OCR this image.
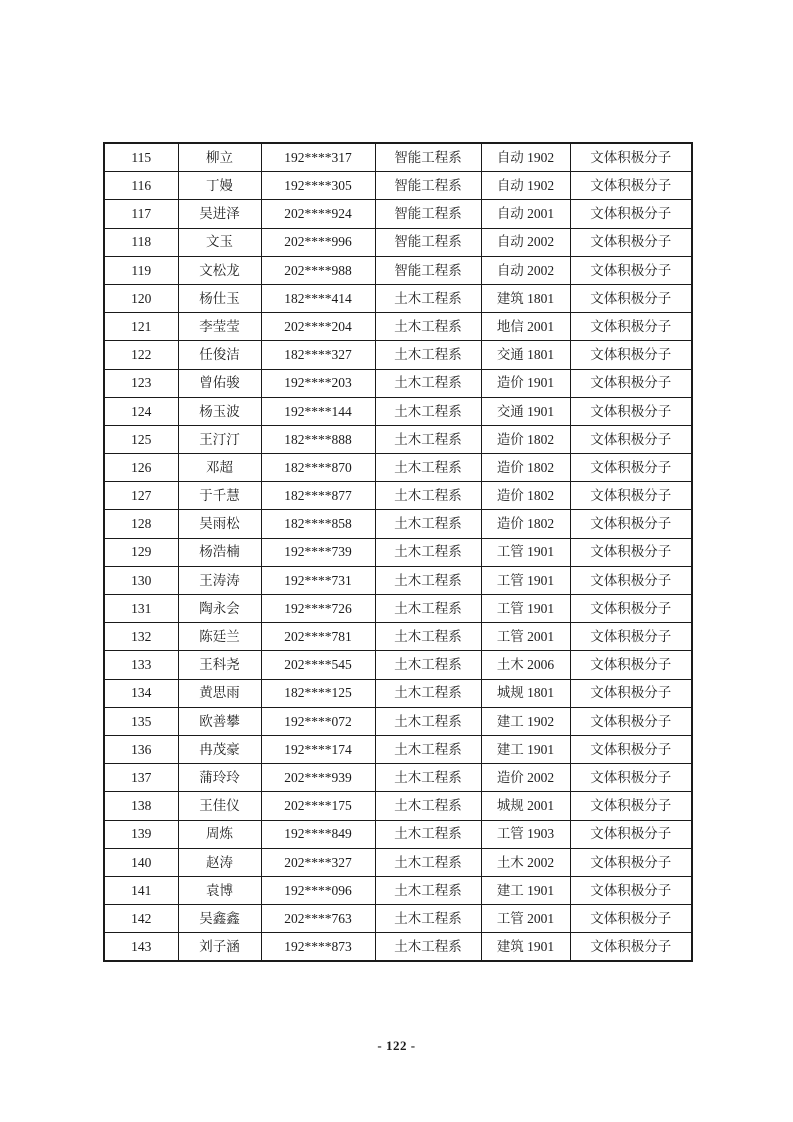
115	柳立	192****317	智能工程系	自动 1902	文体积极分子
116	丁嫚	192****305	智能工程系	自动 1902	文体积极分子
117	吴进泽	202****924	智能工程系	自动 2001	文体积极分子
118	文玉	202****996	智能工程系	自动 2002	文体积极分子
119	文松龙	202****988	智能工程系	自动 2002	文体积极分子
120	杨仕玉	182****414	土木工程系	建筑 1801	文体积极分子
121	李莹莹	202****204	土木工程系	地信 2001	文体积极分子
122	任俊洁	182****327	土木工程系	交通 1801	文体积极分子
123	曾佑骏	192****203	土木工程系	造价 1901	文体积极分子
124	杨玉波	192****144	土木工程系	交通 1901	文体积极分子
125	王汀汀	182****888	土木工程系	造价 1802	文体积极分子
126	邓超	182****870	土木工程系	造价 1802	文体积极分子
127	于千慧	182****877	土木工程系	造价 1802	文体积极分子
128	吴雨松	182****858	土木工程系	造价 1802	文体积极分子
129	杨浩楠	192****739	土木工程系	工管 1901	文体积极分子
130	王涛涛	192****731	土木工程系	工管 1901	文体积极分子
131	陶永会	192****726	土木工程系	工管 1901	文体积极分子
132	陈廷兰	202****781	土木工程系	工管 2001	文体积极分子
133	王科尧	202****545	土木工程系	土木 2006	文体积极分子
134	黄思雨	182****125	土木工程系	城规 1801	文体积极分子
135	欧善攀	192****072	土木工程系	建工 1902	文体积极分子
136	冉茂豪	192****174	土木工程系	建工 1901	文体积极分子
137	蒲玲玲	202****939	土木工程系	造价 2002	文体积极分子
138	王佳仪	202****175	土木工程系	城规 2001	文体积极分子
139	周炼	192****849	土木工程系	工管 1903	文体积极分子
140	赵涛	202****327	土木工程系	土木 2002	文体积极分子
141	袁博	192****096	土木工程系	建工 1901	文体积极分子
142	吴鑫鑫	202****763	土木工程系	工管 2001	文体积极分子
143	刘子涵	192****873	土木工程系	建筑 1901	文体积极分子
- 122 -
